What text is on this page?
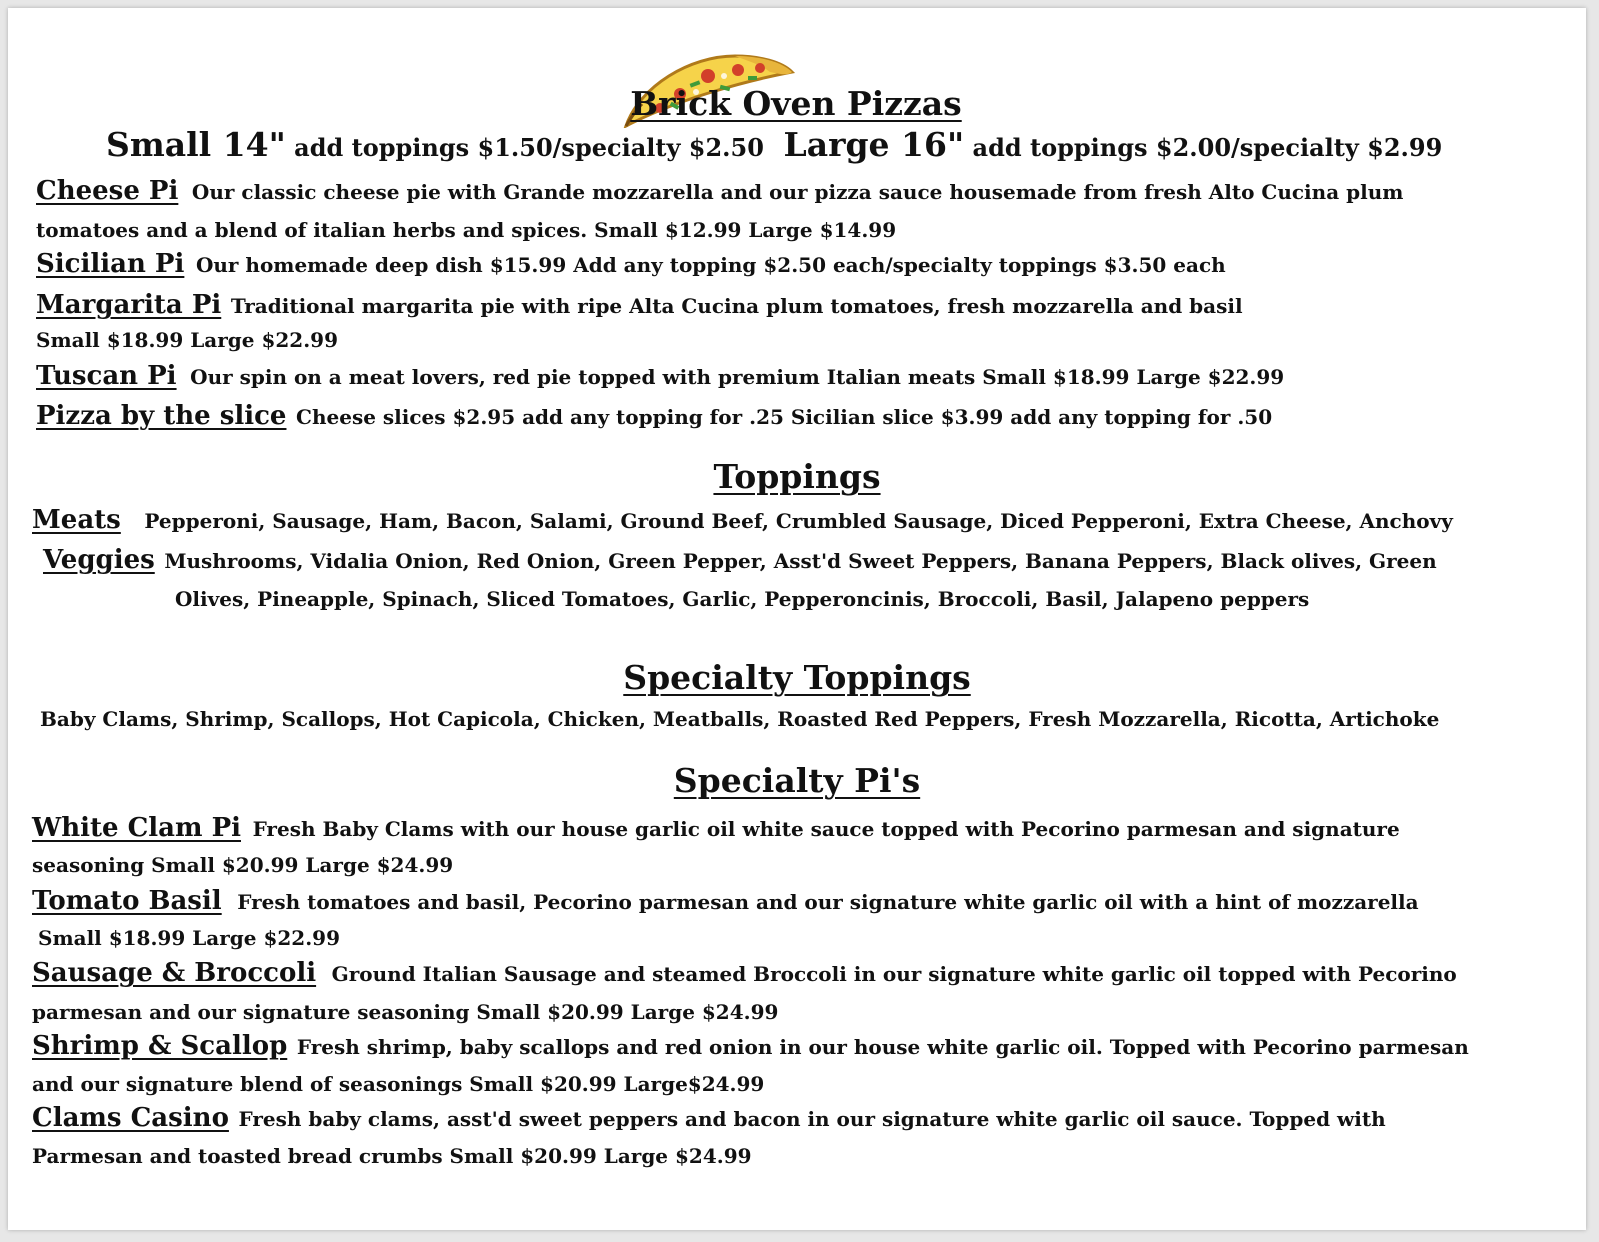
Brick Oven Pizzas
Small 14" add toppings $1.50/specialty $2.50 Large 16" add toppings $2.00/specialty $2.99
Cheese Pi Our classic cheese pie with Grande mozzarella and our pizza sauce housemade from fresh Alto Cucina plum
tomatoes and a blend of italian herbs and spices. Small $12.99 Large $14.99
Sicilian Pi Our homemade deep dish $15.99 Add any topping $2.50 each/specialty toppings $3.50 each
Margarita Pi Traditional margarita pie with ripe Alta Cucina plum tomatoes, fresh mozzarella and basil
Small $18.99 Large $22.99
Tuscan Pi Our spin on a meat lovers, red pie topped with premium Italian meats Small $18.99 Large $22.99
Pizza by the slice Cheese slices $2.95 add any topping for .25 Sicilian slice $3.99 add any topping for .50
Toppings
Meats Pepperoni, Sausage, Ham, Bacon, Salami, Ground Beef, Crumbled Sausage, Diced Pepperoni, Extra Cheese, Anchovy
Veggies Mushrooms, Vidalia Onion, Red Onion, Green Pepper, Asst'd Sweet Peppers, Banana Peppers, Black olives, Green
Olives, Pineapple, Spinach, Sliced Tomatoes, Garlic, Pepperoncinis, Broccoli, Basil, Jalapeno peppers
Specialty Toppings
Baby Clams, Shrimp, Scallops, Hot Capicola, Chicken, Meatballs, Roasted Red Peppers, Fresh Mozzarella, Ricotta, Artichoke
Specialty Pi's
White Clam Pi Fresh Baby Clams with our house garlic oil white sauce topped with Pecorino parmesan and signature
seasoning Small $20.99 Large $24.99
Tomato Basil Fresh tomatoes and basil, Pecorino parmesan and our signature white garlic oil with a hint of mozzarella
Small $18.99 Large $22.99
Sausage & Broccoli Ground Italian Sausage and steamed Broccoli in our signature white garlic oil topped with Pecorino
parmesan and our signature seasoning Small $20.99 Large $24.99
Shrimp & Scallop Fresh shrimp, baby scallops and red onion in our house white garlic oil. Topped with Pecorino parmesan
and our signature blend of seasonings Small $20.99 Large$24.99
Clams Casino Fresh baby clams, asst'd sweet peppers and bacon in our signature white garlic oil sauce. Topped with
Parmesan and toasted bread crumbs Small $20.99 Large $24.99
